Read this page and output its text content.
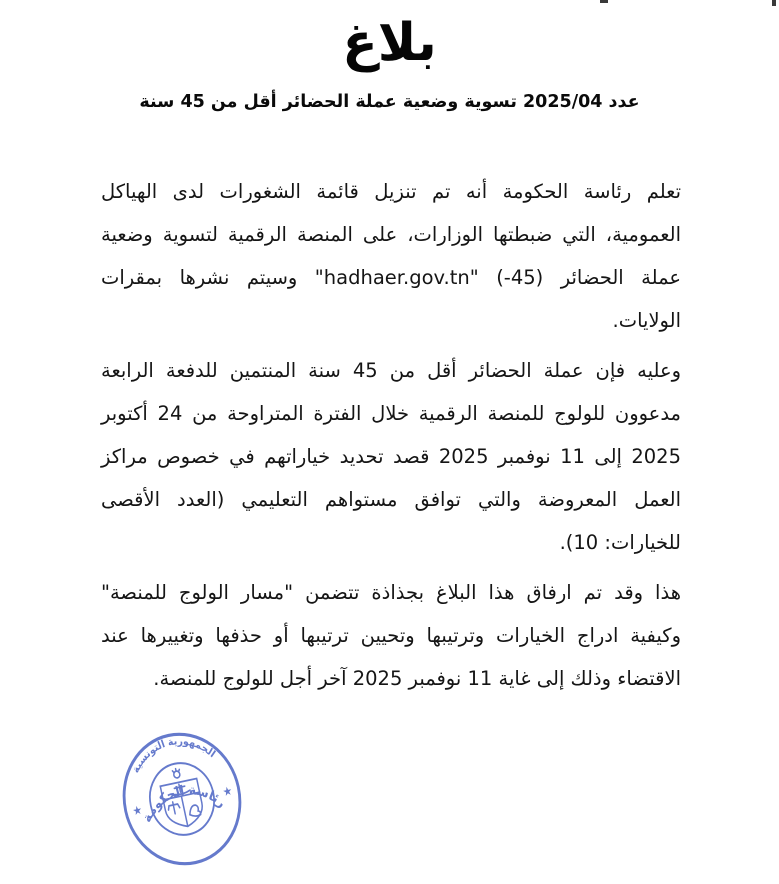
بلاغ
عدد 2025/04 تسوية وضعية عملة الحضائر أقل من 45 سنة
تعلم رئاسة الحكومة أنه تم تنزيل قائمة الشغورات لدى الهياكل
العمومية، التي ضبطتها الوزارات، على المنصة الرقمية لتسوية وضعية
عملة الحضائر ⁦(-45)⁩ "hadhaer.gov.tn" وسيتم نشرها بمقرات
الولايات.
وعليه فإن عملة الحضائر أقل من 45 سنة المنتمين للدفعة الرابعة
مدعوون للولوج للمنصة الرقمية خلال الفترة المتراوحة من 24 أكتوبر
2025 إلى 11 نوفمبر 2025 قصد تحديد خياراتهم في خصوص مراكز
العمل المعروضة والتي توافق مستواهم التعليمي (العدد الأقصى
للخيارات: 10).
هذا وقد تم ارفاق هذا البلاغ بجذاذة تتضمن "مسار الولوج للمنصة"
وكيفية ادراج الخيارات وترتيبها وتحيين ترتيبها أو حذفها وتغييرها عند
الاقتضاء وذلك إلى غاية 11 نوفمبر 2025 آخر أجل للولوج للمنصة.
الجمهورية التونسية
رئاسة الحكومة
★
★
